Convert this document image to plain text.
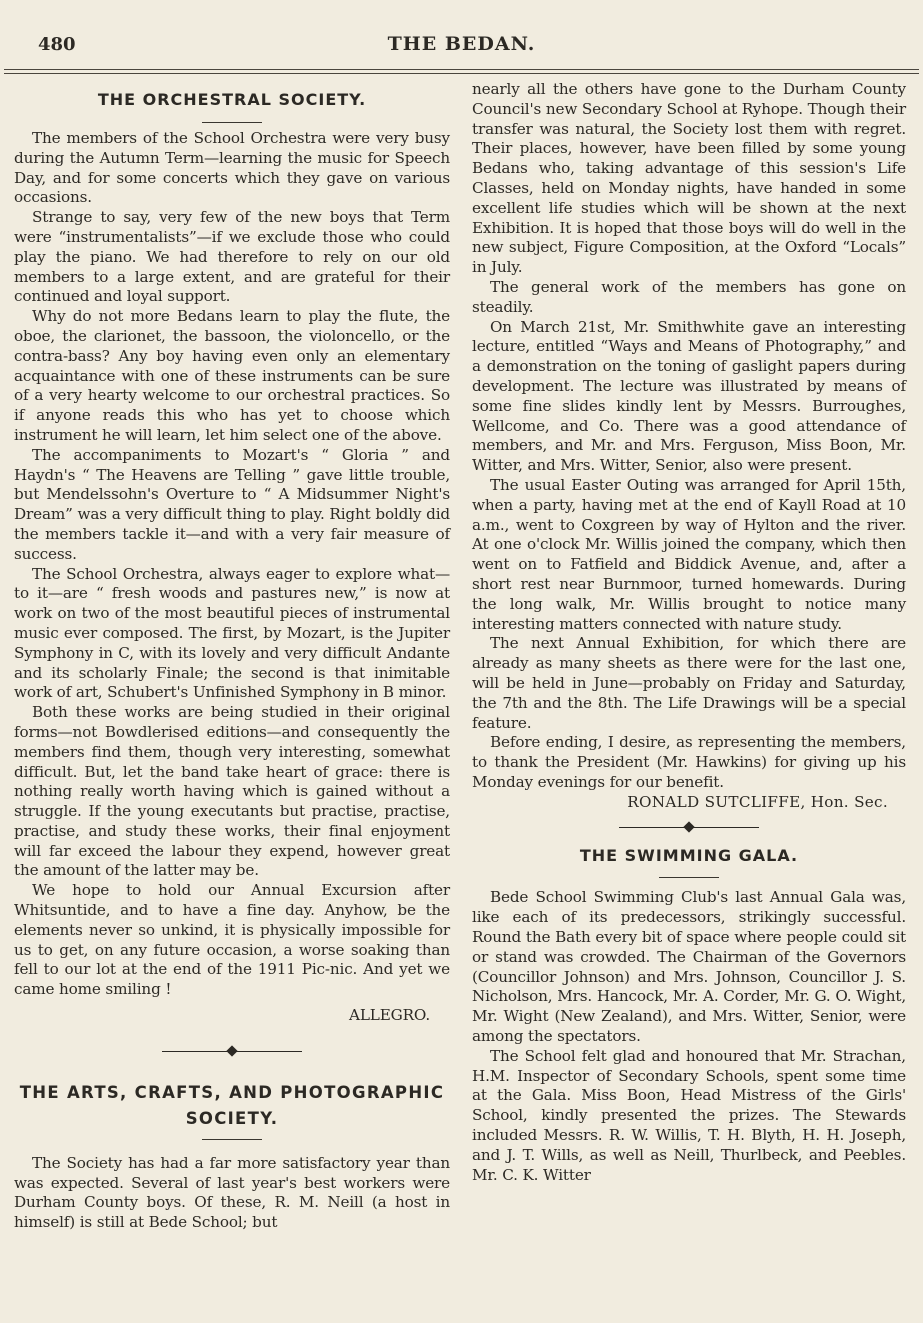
480	THE BEDAN.
THE ORCHESTRAL SOCIETY.

The members of the School Orchestra were very busy during the Autumn Term—learning the music for Speech Day, and for some concerts which they gave on various occasions.

Strange to say, very few of the new boys that Term were “instrumentalists”—if we exclude those who could play the piano. We had therefore to rely on our old members to a large extent, and are grateful for their continued and loyal support.

Why do not more Bedans learn to play the flute, the oboe, the clarionet, the bassoon, the violoncello, or the contra-bass? Any boy having even only an elementary acquaintance with one of these instruments can be sure of a very hearty welcome to our orchestral practices. So if anyone reads this who has yet to choose which instrument he will learn, let him select one of the above.

The accompaniments to Mozart's “ Gloria ” and Haydn's “ The Heavens are Telling ” gave little trouble, but Mendelssohn's Overture to “ A Midsummer Night's Dream” was a very difficult thing to play. Right boldly did the members tackle it—and with a very fair measure of success.

The School Orchestra, always eager to explore what—to it—are “ fresh woods and pastures new,” is now at work on two of the most beautiful pieces of instrumental music ever composed. The first, by Mozart, is the Jupiter Symphony in C, with its lovely and very difficult Andante and its scholarly Finale; the second is that inimitable work of art, Schubert's Unfinished Symphony in B minor.

Both these works are being studied in their original forms—not Bowdlerised editions—and consequently the members find them, though very interesting, somewhat difficult. But, let the band take heart of grace: there is nothing really worth having which is gained without a struggle. If the young executants but practise, practise, practise, and study these works, their final enjoyment will far exceed the labour they expend, however great the amount of the latter may be.

We hope to hold our Annual Excursion after Whitsuntide, and to have a fine day. Anyhow, be the elements never so unkind, it is physically impossible for us to get, on any future occasion, a worse soaking than fell to our lot at the end of the 1911 Pic-nic. And yet we came home smiling !

ALLEGRO.

THE ARTS, CRAFTS, AND PHOTOGRAPHIC
SOCIETY.

The Society has had a far more satisfactory year than was expected. Several of last year's best workers were Durham County boys. Of these, R. M. Neill (a host in himself) is still at Bede School; but

nearly all the others have gone to the Durham County Council's new Secondary School at Ryhope. Though their transfer was natural, the Society lost them with regret. Their places, however, have been filled by some young Bedans who, taking advantage of this session's Life Classes, held on Monday nights, have handed in some excellent life studies which will be shown at the next Exhibition. It is hoped that those boys will do well in the new subject, Figure Composition, at the Oxford “Locals” in July.

The general work of the members has gone on steadily.

On March 21st, Mr. Smithwhite gave an interesting lecture, entitled “Ways and Means of Photography,” and a demonstration on the toning of gaslight papers during development. The lecture was illustrated by means of some fine slides kindly lent by Messrs. Burroughes, Wellcome, and Co. There was a good attendance of members, and Mr. and Mrs. Ferguson, Miss Boon, Mr. Witter, and Mrs. Witter, Senior, also were present.

The usual Easter Outing was arranged for April 15th, when a party, having met at the end of Kayll Road at 10 a.m., went to Coxgreen by way of Hylton and the river. At one o'clock Mr. Willis joined the company, which then went on to Fatfield and Biddick Avenue, and, after a short rest near Burnmoor, turned homewards. During the long walk, Mr. Willis brought to notice many interesting matters connected with nature study.

The next Annual Exhibition, for which there are already as many sheets as there were for the last one, will be held in June—probably on Friday and Saturday, the 7th and the 8th. The Life Drawings will be a special feature.

Before ending, I desire, as representing the members, to thank the President (Mr. Hawkins) for giving up his Monday evenings for our benefit.

RONALD SUTCLIFFE, Hon. Sec.

THE SWIMMING GALA.

Bede School Swimming Club's last Annual Gala was, like each of its predecessors, strikingly successful. Round the Bath every bit of space where people could sit or stand was crowded. The Chairman of the Governors (Councillor Johnson) and Mrs. Johnson, Councillor J. S. Nicholson, Mrs. Hancock, Mr. A. Corder, Mr. G. O. Wight, Mr. Wight (New Zealand), and Mrs. Witter, Senior, were among the spectators.

The School felt glad and honoured that Mr. Strachan, H.M. Inspector of Secondary Schools, spent some time at the Gala. Miss Boon, Head Mistress of the Girls' School, kindly presented the prizes. The Stewards included Messrs. R. W. Willis, T. H. Blyth, H. H. Joseph, and J. T. Wills, as well as Neill, Thurlbeck, and Peebles. Mr. C. K. Witter
